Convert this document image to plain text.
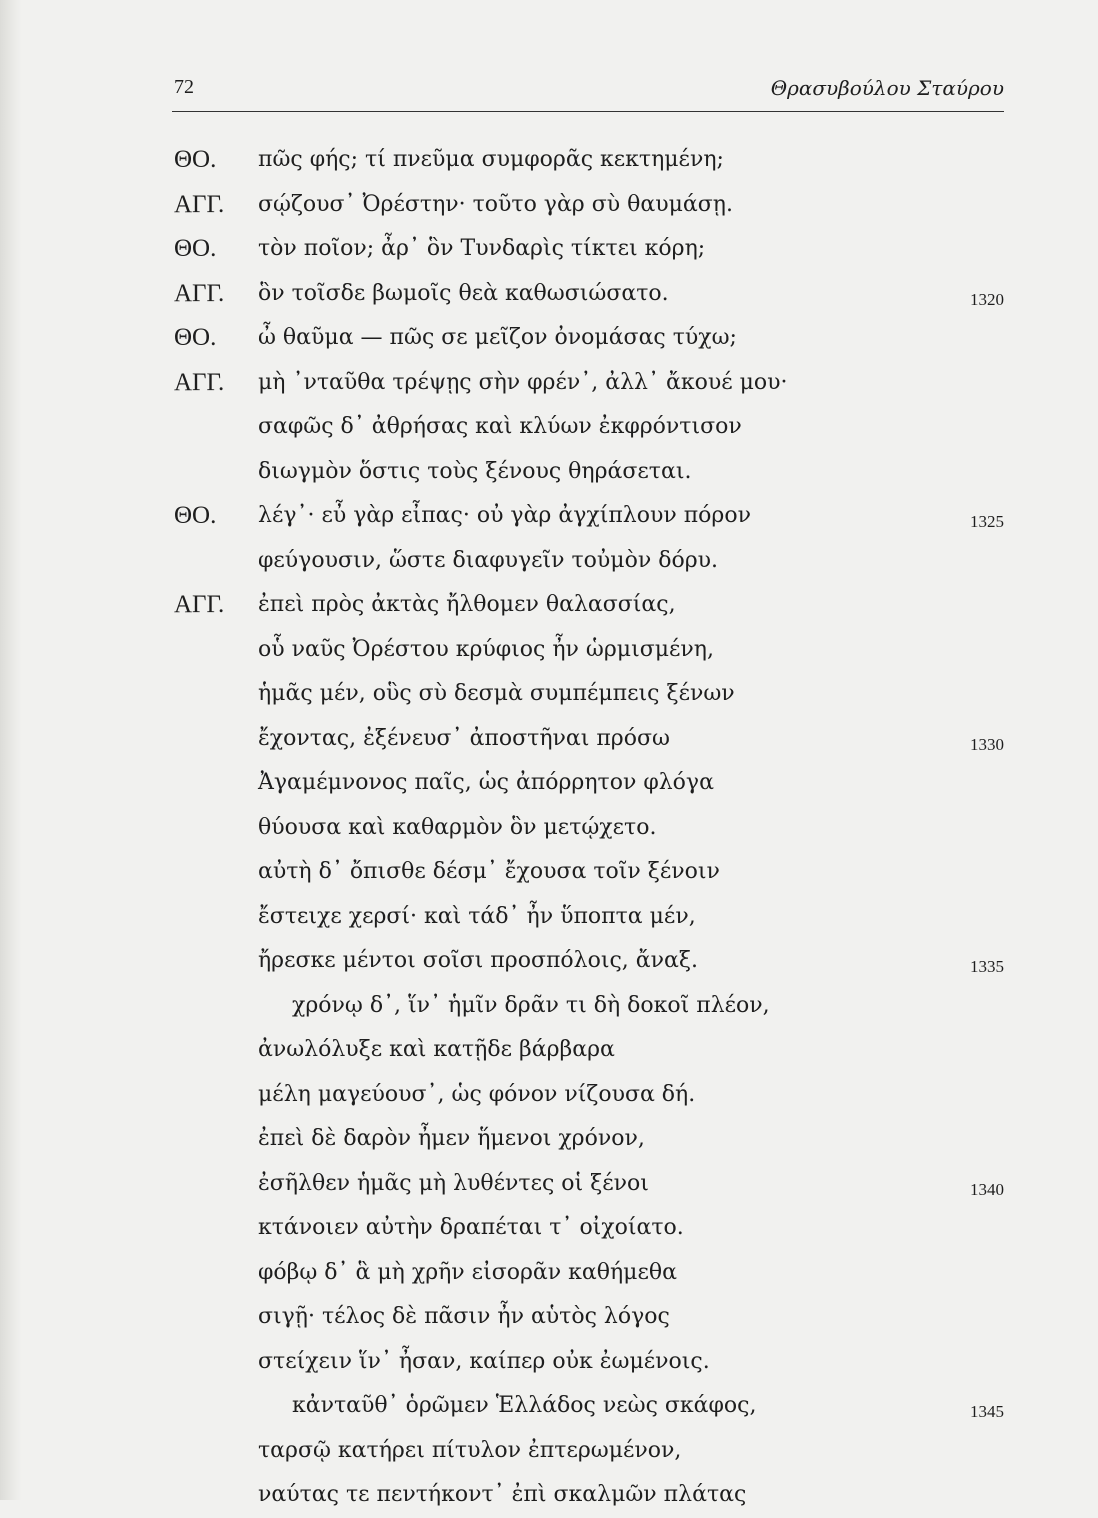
72	Θρασυβούλου Σταύρου
ΘΟ. πῶς φής; τί πνεῦμα συμφορᾶς κεκτημένη;
ΑΓΓ. σῴζουσ᾽ Ὀρέστην· τοῦτο γὰρ σὺ θαυμάσῃ.
ΘΟ. τὸν ποῖον; ἆρ᾽ ὃν Τυνδαρὶς τίκτει κόρη;
ΑΓΓ. ὃν τοῖσδε βωμοῖς θεὰ καθωσιώσατο.	1320
ΘΟ. ὦ θαῦμα — πῶς σε μεῖζον ὀνομάσας τύχω;
ΑΓΓ. μὴ ᾽νταῦθα τρέψῃς σὴν φρέν᾽, ἀλλ᾽ ἄκουέ μου·
σαφῶς δ᾽ ἀθρήσας καὶ κλύων ἐκφρόντισον
διωγμὸν ὅστις τοὺς ξένους θηράσεται.
ΘΟ. λέγ᾽· εὖ γὰρ εἶπας· οὐ γὰρ ἀγχίπλουν πόρον	1325
φεύγουσιν, ὥστε διαφυγεῖν τοὐμὸν δόρυ.
ΑΓΓ. ἐπεὶ πρὸς ἀκτὰς ἤλθομεν θαλασσίας,
οὗ ναῦς Ὀρέστου κρύφιος ἦν ὡρμισμένη,
ἡμᾶς μέν, οὓς σὺ δεσμὰ συμπέμπεις ξένων
ἔχοντας, ἐξένευσ᾽ ἀποστῆναι πρόσω	1330
Ἀγαμέμνονος παῖς, ὡς ἀπόρρητον φλόγα
θύουσα καὶ καθαρμὸν ὃν μετῴχετο.
αὐτὴ δ᾽ ὄπισθε δέσμ᾽ ἔχουσα τοῖν ξένοιν
ἔστειχε χερσί· καὶ τάδ᾽ ἦν ὕποπτα μέν,
ἤρεσκε μέντοι σοῖσι προσπόλοις, ἄναξ.	1335
χρόνῳ δ᾽, ἵν᾽ ἡμῖν δρᾶν τι δὴ δοκοῖ πλέον,
ἀνωλόλυξε καὶ κατῇδε βάρβαρα
μέλη μαγεύουσ᾽, ὡς φόνον νίζουσα δή.
ἐπεὶ δὲ δαρὸν ἦμεν ἥμενοι χρόνον,
ἐσῆλθεν ἡμᾶς μὴ λυθέντες οἱ ξένοι	1340
κτάνοιεν αὐτὴν δραπέται τ᾽ οἰχοίατο.
φόβῳ δ᾽ ἃ μὴ χρῆν εἰσορᾶν καθήμεθα
σιγῇ· τέλος δὲ πᾶσιν ἦν αὑτὸς λόγος
στείχειν ἵν᾽ ἦσαν, καίπερ οὐκ ἐωμένοις.
κἀνταῦθ᾽ ὁρῶμεν Ἑλλάδος νεὼς σκάφος,	1345
ταρσῷ κατήρει πίτυλον ἐπτερωμένον,
ναύτας τε πεντήκοντ᾽ ἐπὶ σκαλμῶν πλάτας
